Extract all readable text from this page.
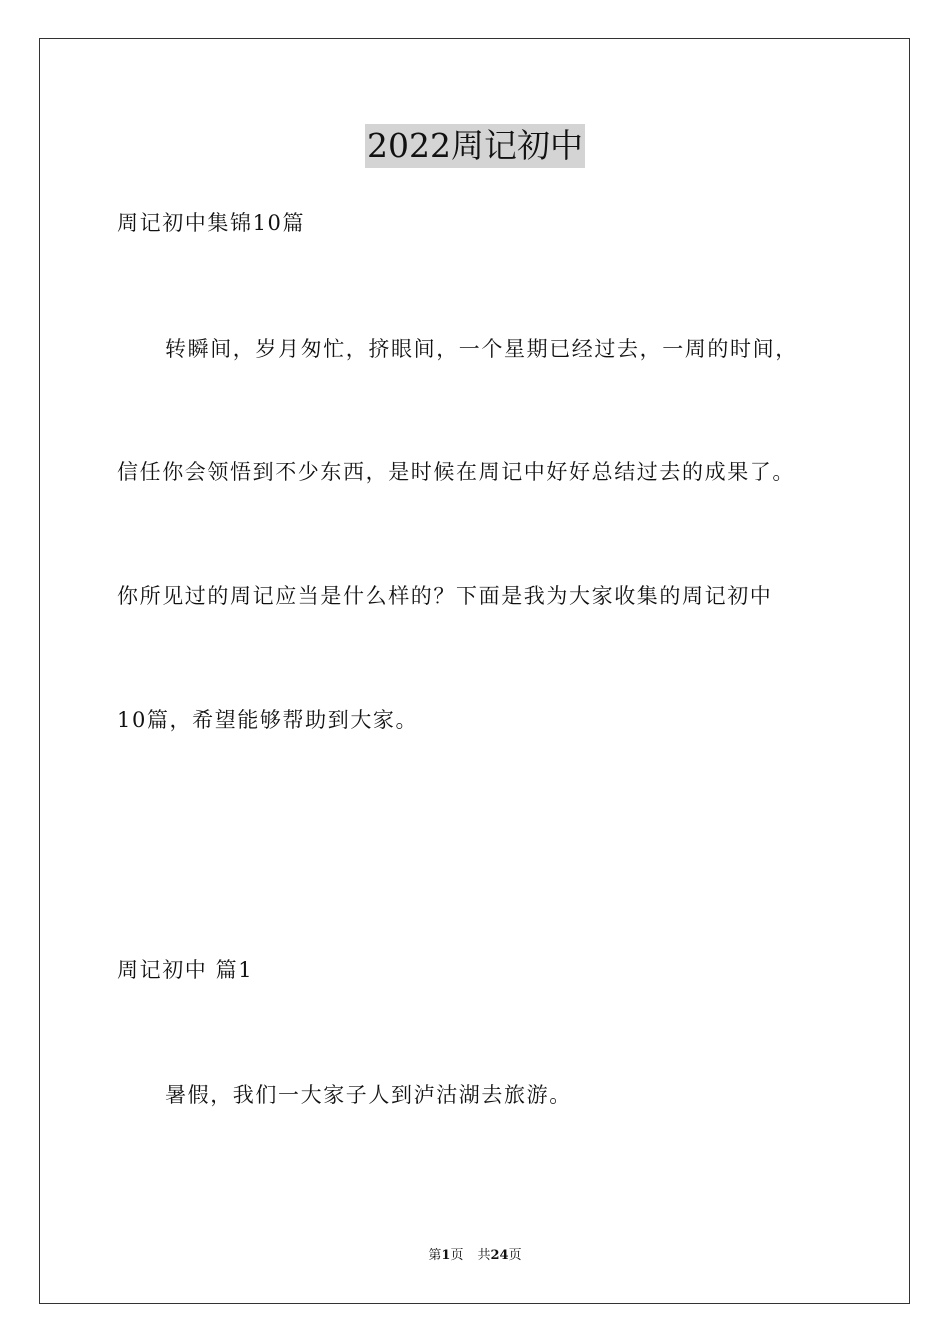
2022周记初中
周记初中集锦10篇
转瞬间，岁月匆忙，挤眼间，一个星期已经过去，一周的时间，
信任你会领悟到不少东西，是时候在周记中好好总结过去的成果了。
你所见过的周记应当是什么样的？下面是我为大家收集的周记初中
10篇，希望能够帮助到大家。
周记初中 篇1
暑假，我们一大家子人到泸沽湖去旅游。
第1页 共24页
